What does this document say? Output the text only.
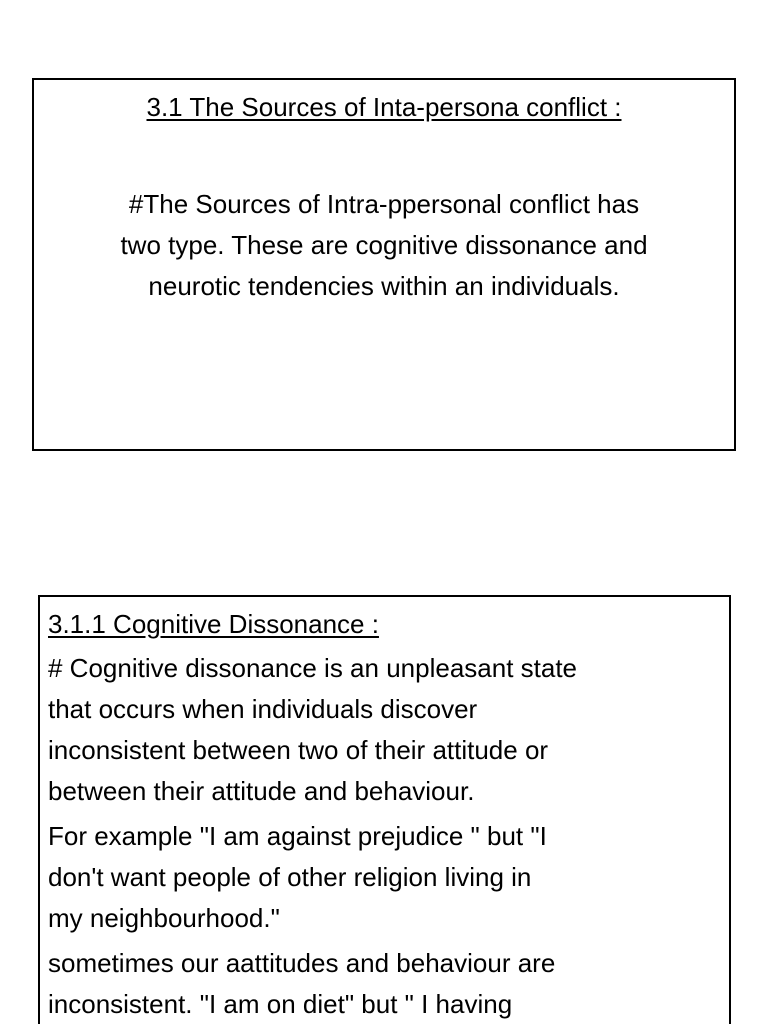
3.1 The Sources of Inta-persona conflict :
#The Sources of Intra-ppersonal conflict has
two type. These are cognitive dissonance and
neurotic tendencies within an individuals.
3.1.1 Cognitive Dissonance :
# Cognitive dissonance is an unpleasant state
that occurs when individuals discover
inconsistent between two of their attitude or
between their attitude and behaviour.
For example "I am against prejudice " but "I
don't want people of other religion living in
my neighbourhood."
sometimes our aattitudes and behaviour are
inconsistent. "I am on diet" but " I having
